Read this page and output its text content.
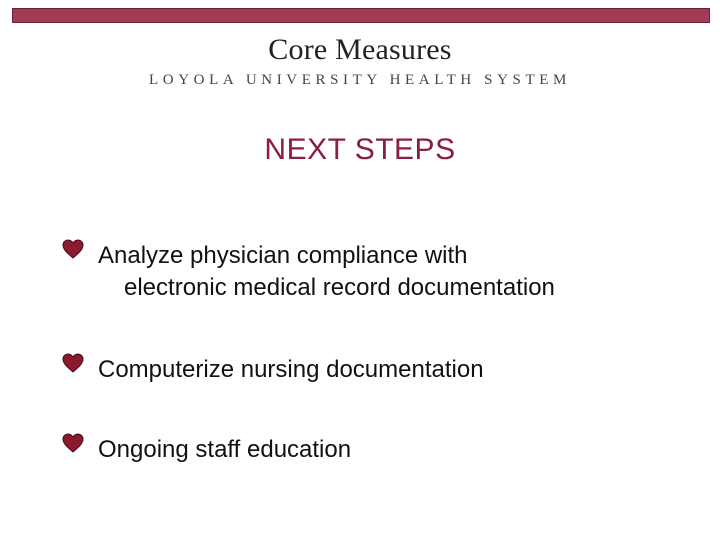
Core Measures
LOYOLA UNIVERSITY HEALTH SYSTEM
NEXT STEPS
Analyze physician compliance with
electronic medical record documentation
Computerize nursing documentation
Ongoing staff education
